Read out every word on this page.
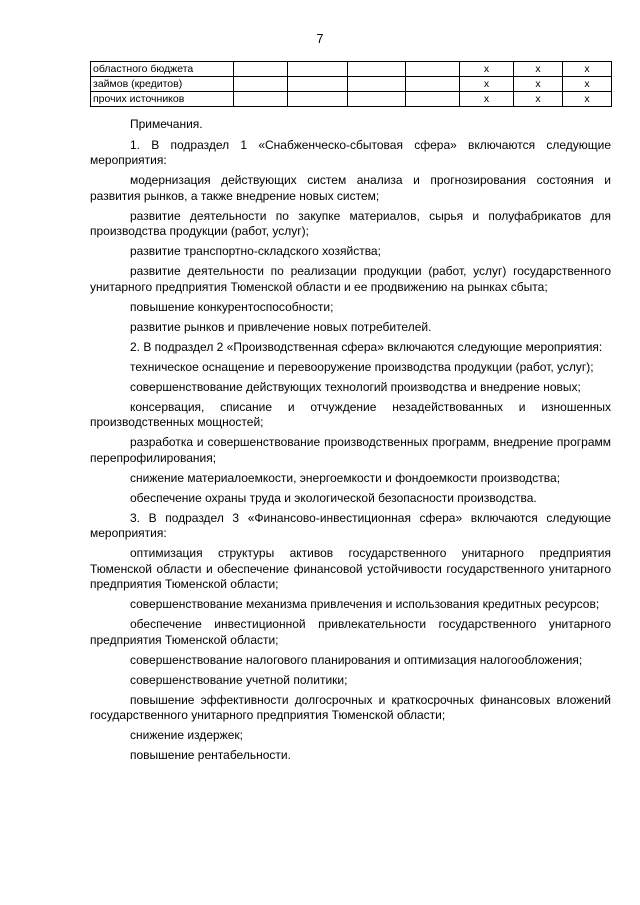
7
областного бюджета					x	x	x
займов (кредитов)					x	x	x
прочих источников					x	x	x

Примечания.

1. В подраздел 1 «Снабженческо-сбытовая сфера» включаются следующие мероприятия:

модернизация действующих систем анализа и прогнозирования состояния и развития рынков, а также внедрение новых систем;

развитие деятельности по закупке материалов, сырья и полуфабрикатов для производства продукции (работ, услуг);

развитие транспортно-складского хозяйства;

развитие деятельности по реализации продукции (работ, услуг) государственного унитарного предприятия Тюменской области и ее продвижению на рынках сбыта;

повышение конкурентоспособности;

развитие рынков и привлечение новых потребителей.

2. В подраздел 2 «Производственная сфера» включаются следующие мероприятия:

техническое оснащение и перевооружение производства продукции (работ, услуг);

совершенствование действующих технологий производства и внедрение новых;

консервация, списание и отчуждение незадействованных и изношенных производственных мощностей;

разработка и совершенствование производственных программ, внедрение программ перепрофилирования;

снижение материалоемкости, энергоемкости и фондоемкости производства;

обеспечение охраны труда и экологической безопасности производства.

3. В подраздел 3 «Финансово-инвестиционная сфера» включаются следующие мероприятия:

оптимизация структуры активов государственного унитарного предприятия Тюменской области и обеспечение финансовой устойчивости государственного унитарного предприятия Тюменской области;

совершенствование механизма привлечения и использования кредитных ресурсов;

обеспечение инвестиционной привлекательности государственного унитарного предприятия Тюменской области;

совершенствование налогового планирования и оптимизация налогообложения;

совершенствование учетной политики;

повышение эффективности долгосрочных и краткосрочных финансовых вложений государственного унитарного предприятия Тюменской области;

снижение издержек;

повышение рентабельности.
